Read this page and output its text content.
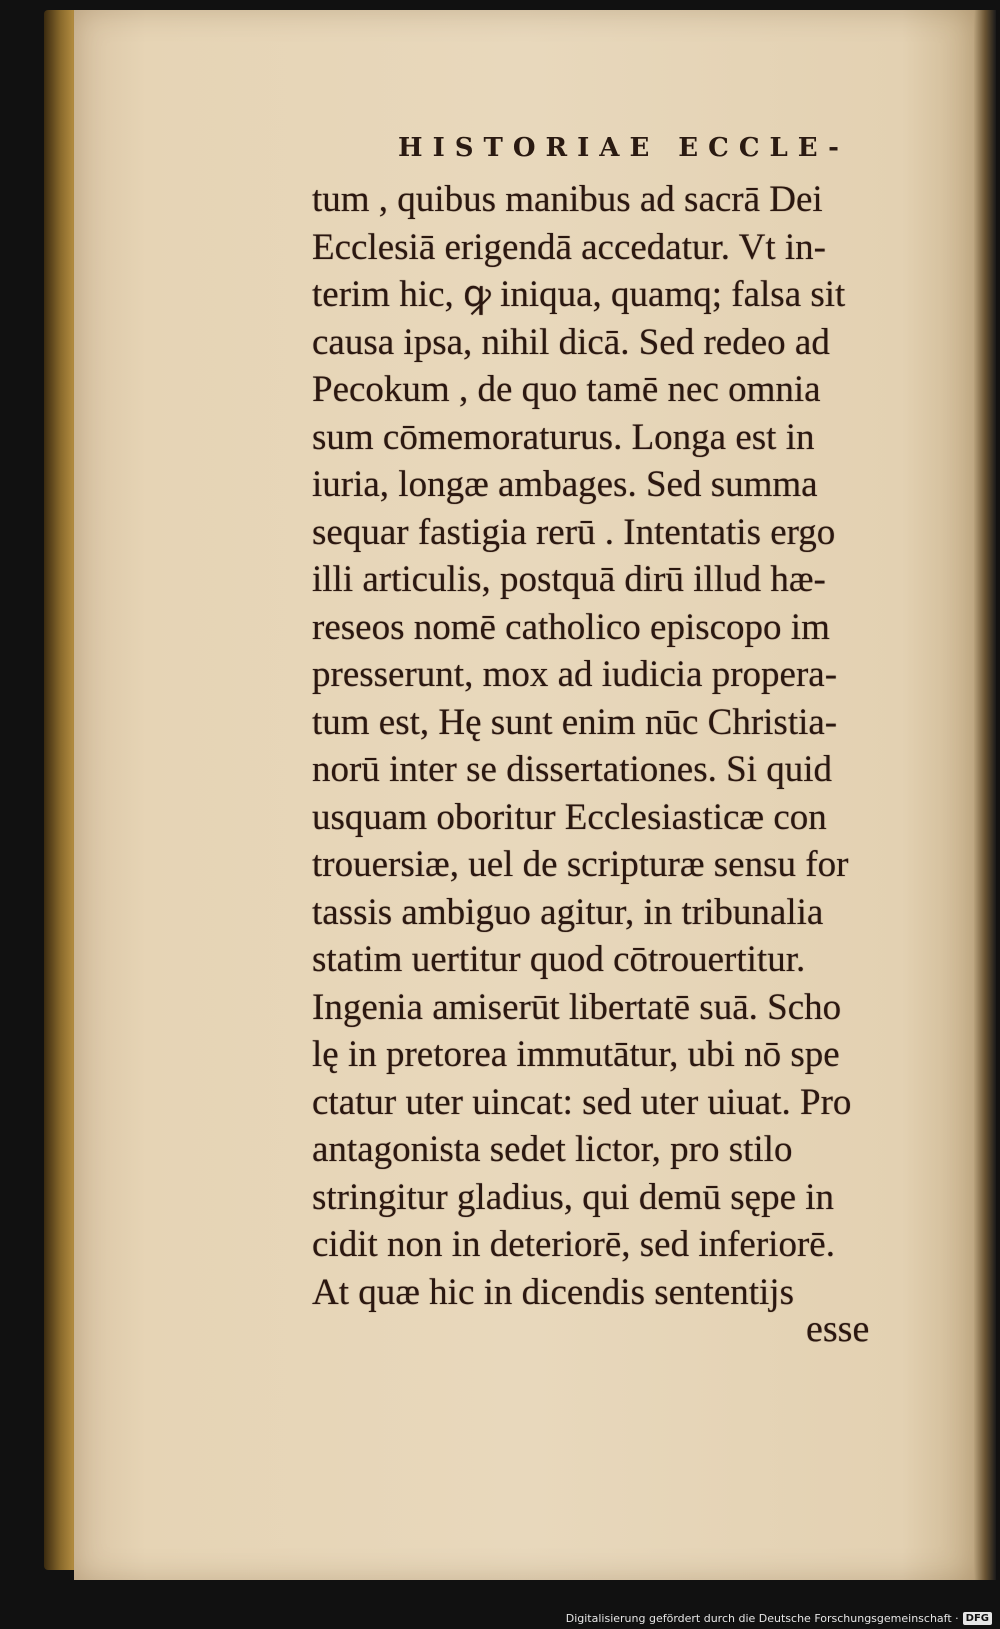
HISTORIAE ECCLE-
tum , quibus manibus ad sacrā Dei
Ecclesiā erigendā accedatur. Vt in-
terim hic, ꝙ iniqua, quamq; falsa sit
causa ipsa, nihil dicā. Sed redeo ad
Pecokum , de quo tamē nec omnia
sum cōmemoraturus. Longa est in
iuria, longæ ambages. Sed summa
sequar fastigia rerū . Intentatis ergo
illi articulis, postquā dirū illud hæ-
reseos nomē catholico episcopo im
presserunt, mox ad iudicia propera-
tum est, Hę sunt enim nūc Christia-
norū inter se dissertationes. Si quid
usquam oboritur Ecclesiasticæ con
trouersiæ, uel de scripturæ sensu for
tassis ambiguo agitur, in tribunalia
statim uertitur quod cōtrouertitur.
Ingenia amiserūt libertatē suā. Scho
lę in pretorea immutātur, ubi nō spe
ctatur uter uincat: sed uter uiuat. Pro
antagonista sedet lictor, pro stilo
stringitur gladius, qui demū sępe in
cidit non in deteriorē, sed inferiorē.
At quæ hic in dicendis sententijs
esse
Digitalisierung gefördert durch die Deutsche Forschungsgemeinschaft · DFG
